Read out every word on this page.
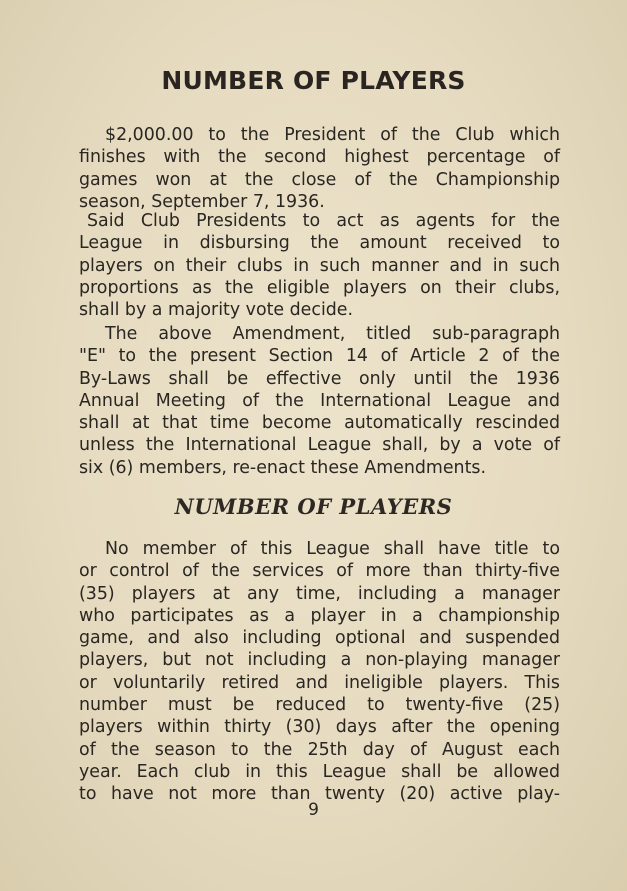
NUMBER OF PLAYERS

$2,000.00 to the President of the Club which
finishes with the second highest percentage of
games won at the close of the Championship
season, September 7, 1936.

Said Club Presidents to act as agents for the
League in disbursing the amount received to
players on their clubs in such manner and in such
proportions as the eligible players on their clubs,
shall by a majority vote decide.

The above Amendment, titled sub-paragraph
"E" to the present Section 14 of Article 2 of the
By-Laws shall be effective only until the 1936
Annual Meeting of the International League and
shall at that time become automatically rescinded
unless the International League shall, by a vote of
six (6) members, re-enact these Amendments.

NUMBER OF PLAYERS

No member of this League shall have title to
or control of the services of more than thirty-five
(35) players at any time, including a manager
who participates as a player in a championship
game, and also including optional and suspended
players, but not including a non-playing manager
or voluntarily retired and ineligible players. This
number must be reduced to twenty-five (25)
players within thirty (30) days after the opening
of the season to the 25th day of August each
year. Each club in this League shall be allowed
to have not more than twenty (20) active play-

9
